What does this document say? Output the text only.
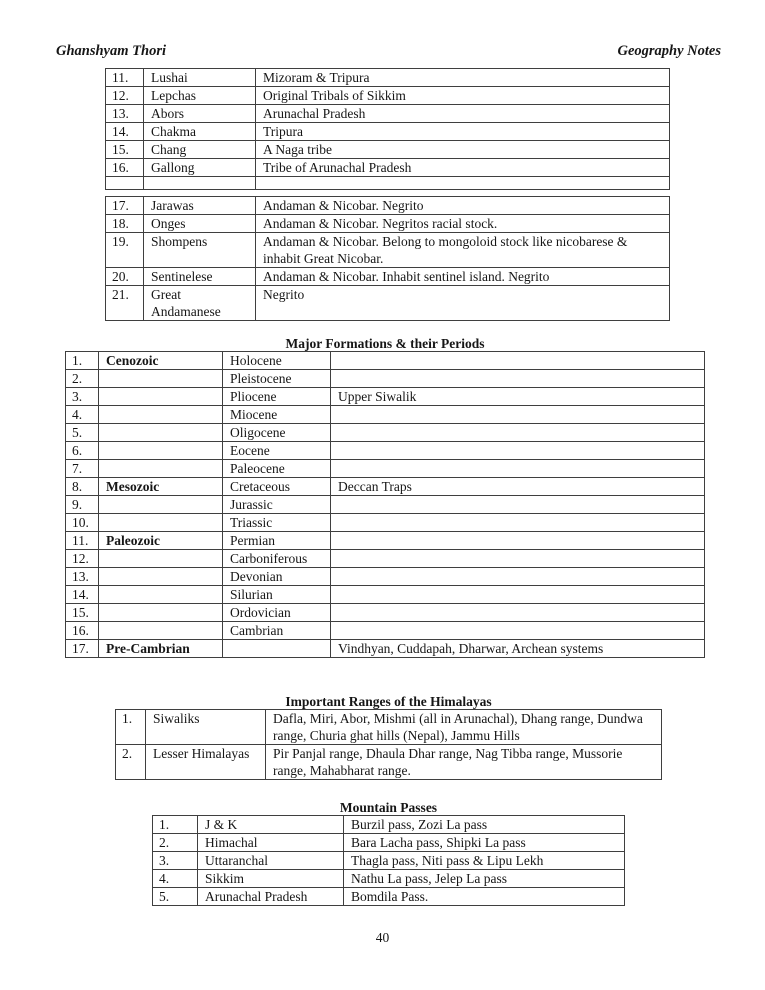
Ghanshyam Thori	Geography Notes
11.	Lushai	Mizoram & Tripura
12.	Lepchas	Original Tribals of Sikkim
13.	Abors	Arunachal Pradesh
14.	Chakma	Tripura
15.	Chang	A Naga tribe
16.	Gallong	Tribe of Arunachal Pradesh

17.	Jarawas	Andaman & Nicobar. Negrito
18.	Onges	Andaman & Nicobar. Negritos racial stock.
19.	Shompens	Andaman & Nicobar. Belong to mongoloid stock like nicobarese & inhabit Great Nicobar.
20.	Sentinelese	Andaman & Nicobar. Inhabit sentinel island. Negrito
21.	Great Andamanese	Negrito
Major Formations & their Periods
1.	Cenozoic	Holocene	
2.		Pleistocene	
3.		Pliocene	Upper Siwalik
4.		Miocene	
5.		Oligocene	
6.		Eocene	
7.		Paleocene	
8.	Mesozoic	Cretaceous	Deccan Traps
9.		Jurassic	
10.		Triassic	
11.	Paleozoic	Permian	
12.		Carboniferous	
13.		Devonian	
14.		Silurian	
15.		Ordovician	
16.		Cambrian	
17.	Pre-Cambrian		Vindhyan, Cuddapah, Dharwar, Archean systems
Important Ranges of the Himalayas
1.	Siwaliks	Dafla, Miri, Abor, Mishmi (all in Arunachal), Dhang range, Dundwa range, Churia ghat hills (Nepal), Jammu Hills
2.	Lesser Himalayas	Pir Panjal range, Dhaula Dhar range, Nag Tibba range, Mussorie range, Mahabharat range.
Mountain Passes
1.	J & K	Burzil pass, Zozi La pass
2.	Himachal	Bara Lacha pass, Shipki La pass
3.	Uttaranchal	Thagla pass, Niti pass & Lipu Lekh
4.	Sikkim	Nathu La pass, Jelep La pass
5.	Arunachal Pradesh	Bomdila Pass.
40
